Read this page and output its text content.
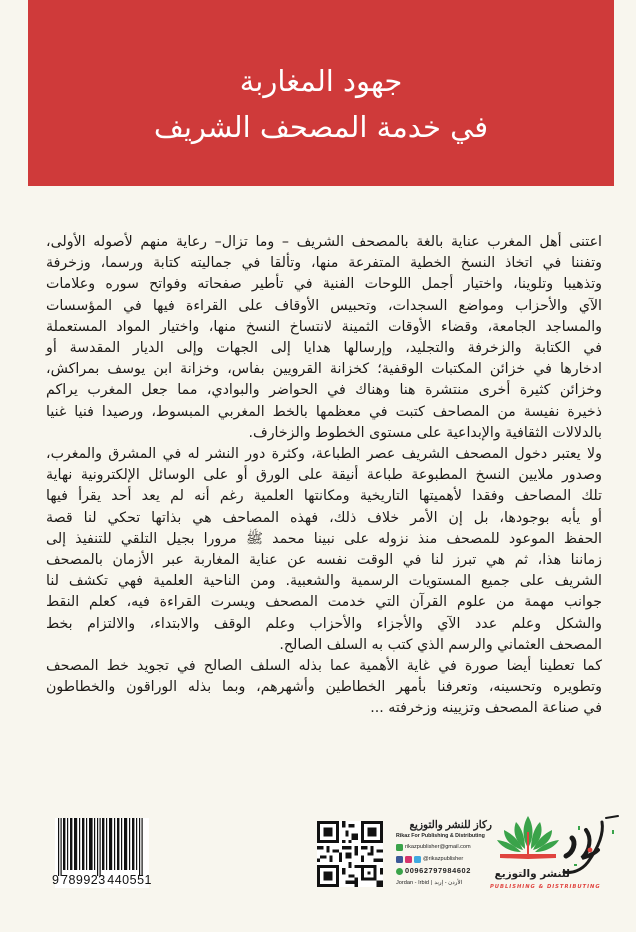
جهود المغاربة
في خدمة المصحف الشريف
اعتنى أهل المغرب عناية بالغة بالمصحف الشريف – وما تزال– رعاية منهم لأصوله الأولى،
وتفننا في اتخاذ النسخ الخطية المتفرعة منها، وتألقا في جماليته كتابة ورسما، وزخرفة
وتذهيبا وتلوينا، واختيار أجمل اللوحات الفنية في تأطير صفحاته وفواتح سوره وعلامات
الآي والأحزاب ومواضع السجدات، وتحبيس الأوقاف على القراءة فيها في المؤسسات
والمساجد الجامعة، وقضاء الأوقات الثمينة لانتساخ النسخ منها، واختيار المواد المستعملة
في الكتابة والزخرفة والتجليد، وإرسالها هدايا إلى الجهات وإلى الديار المقدسة أو
ادخارها في خزائن المكتبات الوقفية؛ كخزانة القرويين بفاس، وخزانة ابن يوسف بمراكش،
وخزائن كثيرة أخرى منتشرة هنا وهناك في الحواضر والبوادي، مما جعل المغرب يراكم
ذخيرة نفيسة من المصاحف كتبت في معظمها بالخط المغربي المبسوط، ورصيدا فنيا غنيا
بالدلالات الثقافية والإبداعية على مستوى الخطوط والزخارف.
ولا يعتبر دخول المصحف الشريف عصر الطباعة، وكثرة دور النشر له في المشرق والمغرب،
وصدور ملايين النسخ المطبوعة طباعة أنيقة على الورق أو على الوسائل الإلكترونية نهاية
تلك المصاحف وفقدا لأهميتها التاريخية ومكانتها العلمية رغم أنه لم يعد أحد يقرأ فيها
أو يأبه بوجودها، بل إن الأمر خلاف ذلك، فهذه المصاحف هي بذاتها تحكي لنا قصة
الحفظ الموعود للمصحف منذ نزوله على نبينا محمد ﷺ مرورا بجيل التلقي للتنفيذ إلى
زماننا هذا، ثم هي تبرز لنا في الوقت نفسه عن عناية المغاربة عبر الأزمان بالمصحف
الشريف على جميع المستويات الرسمية والشعبية. ومن الناحية العلمية فهي تكشف لنا
جوانب مهمة من علوم القرآن التي خدمت المصحف ويسرت القراءة فيه، كعلم النقط
والشكل وعلم عدد الآي والأجزاء والأحزاب وعلم الوقف والابتداء، والالتزام بخط
المصحف العثماني والرسم الذي كتب به السلف الصالح.
كما تعطينا أيضا صورة في غاية الأهمية عما بذله السلف الصالح في تجويد خط المصحف
وتطويره وتحسينه، وتعرفنا بأمهر الخطاطين وأشهرهم، وبما بذله الوراقون والخطاطون
في صناعة المصحف وتزيينه وزخرفته ...
9 789923 440551
ركاز للنشر والتوزيع
Rikaz For Publishing & Distributing
rikazpublisher@gmail.com
@rikazpublisher
00962797984602
Jordan - Irbid | الأردن - إربد
للنشر والتوزيع
PUBLISHING & DISTRIBUTING
